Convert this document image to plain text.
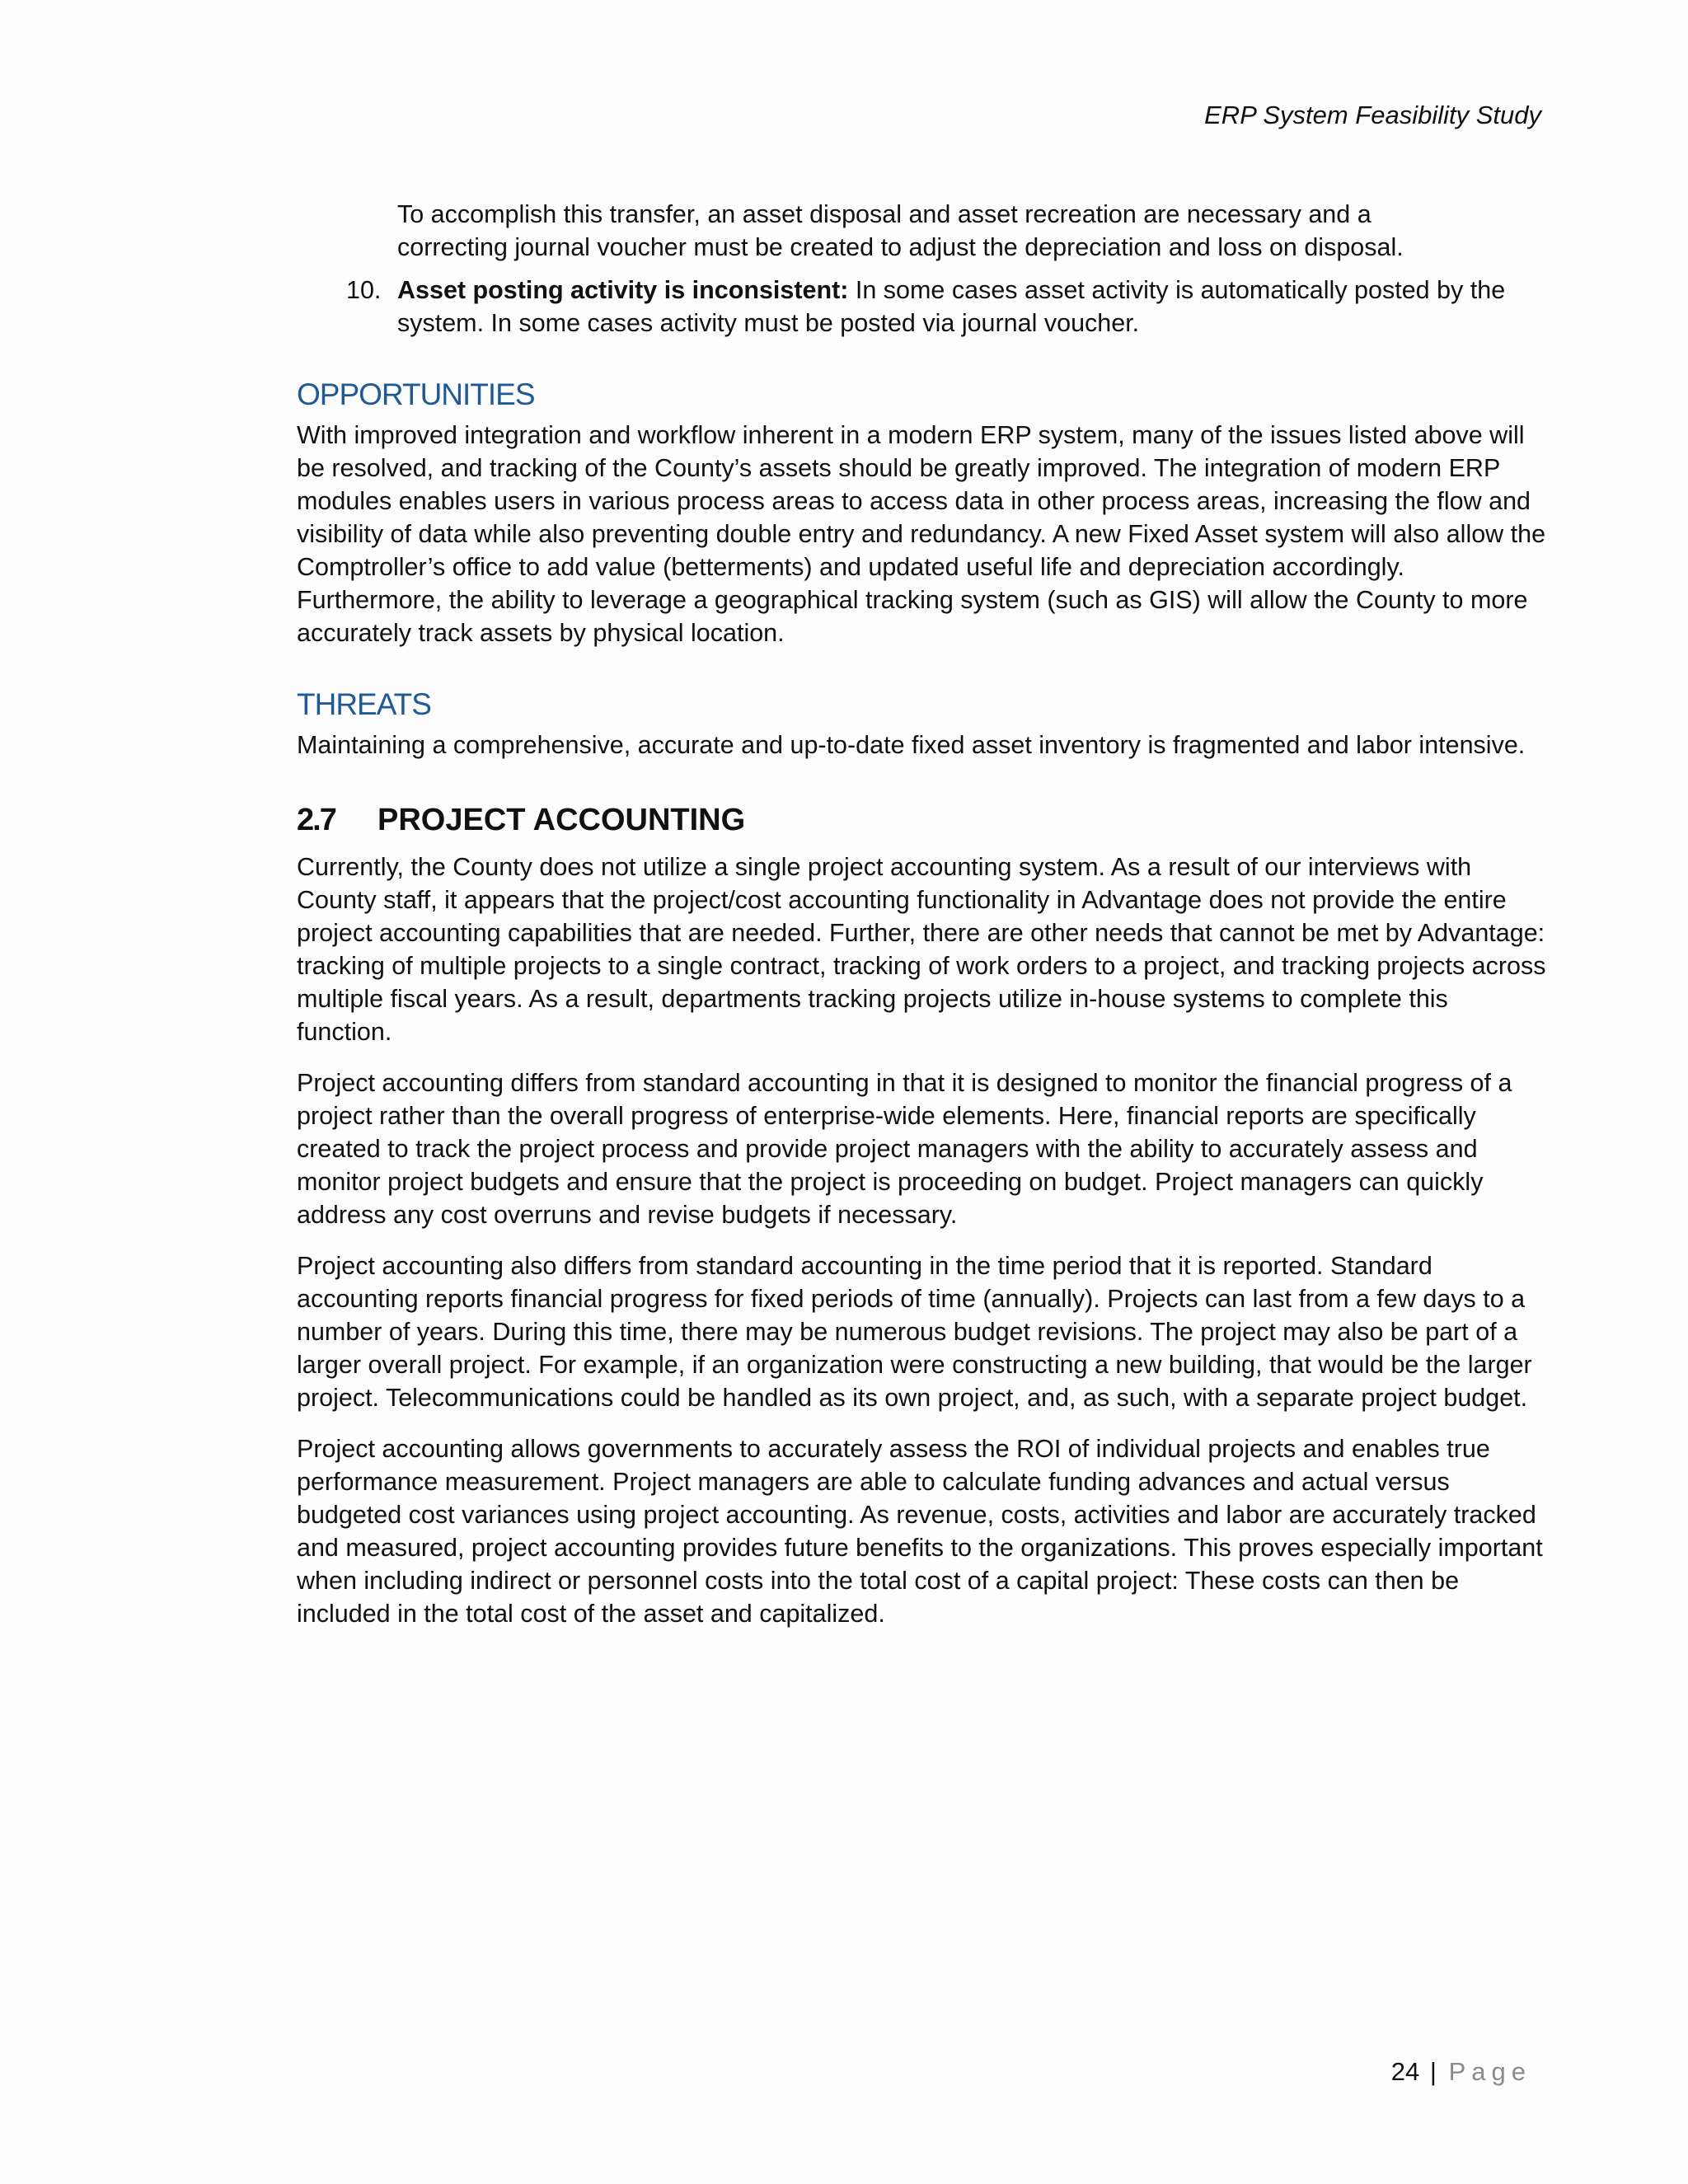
ERP System Feasibility Study

To accomplish this transfer, an asset disposal and asset recreation are necessary and a correcting journal voucher must be created to adjust the depreciation and loss on disposal.

10. Asset posting activity is inconsistent: In some cases asset activity is automatically posted by the system. In some cases activity must be posted via journal voucher.

OPPORTUNITIES

With improved integration and workflow inherent in a modern ERP system, many of the issues listed above will be resolved, and tracking of the County’s assets should be greatly improved. The integration of modern ERP modules enables users in various process areas to access data in other process areas, increasing the flow and visibility of data while also preventing double entry and redundancy. A new Fixed Asset system will also allow the Comptroller’s office to add value (betterments) and updated useful life and depreciation accordingly. Furthermore, the ability to leverage a geographical tracking system (such as GIS) will allow the County to more accurately track assets by physical location.

THREATS

Maintaining a comprehensive, accurate and up-to-date fixed asset inventory is fragmented and labor intensive.

2.7 PROJECT ACCOUNTING

Currently, the County does not utilize a single project accounting system. As a result of our interviews with County staff, it appears that the project/cost accounting functionality in Advantage does not provide the entire project accounting capabilities that are needed. Further, there are other needs that cannot be met by Advantage: tracking of multiple projects to a single contract, tracking of work orders to a project, and tracking projects across multiple fiscal years. As a result, departments tracking projects utilize in-house systems to complete this function.

Project accounting differs from standard accounting in that it is designed to monitor the financial progress of a project rather than the overall progress of enterprise-wide elements. Here, financial reports are specifically created to track the project process and provide project managers with the ability to accurately assess and monitor project budgets and ensure that the project is proceeding on budget. Project managers can quickly address any cost overruns and revise budgets if necessary.

Project accounting also differs from standard accounting in the time period that it is reported. Standard accounting reports financial progress for fixed periods of time (annually). Projects can last from a few days to a number of years. During this time, there may be numerous budget revisions. The project may also be part of a larger overall project. For example, if an organization were constructing a new building, that would be the larger project. Telecommunications could be handled as its own project, and, as such, with a separate project budget.

Project accounting allows governments to accurately assess the ROI of individual projects and enables true performance measurement. Project managers are able to calculate funding advances and actual versus budgeted cost variances using project accounting. As revenue, costs, activities and labor are accurately tracked and measured, project accounting provides future benefits to the organizations. This proves especially important when including indirect or personnel costs into the total cost of a capital project: These costs can then be included in the total cost of the asset and capitalized.

24 | Page
